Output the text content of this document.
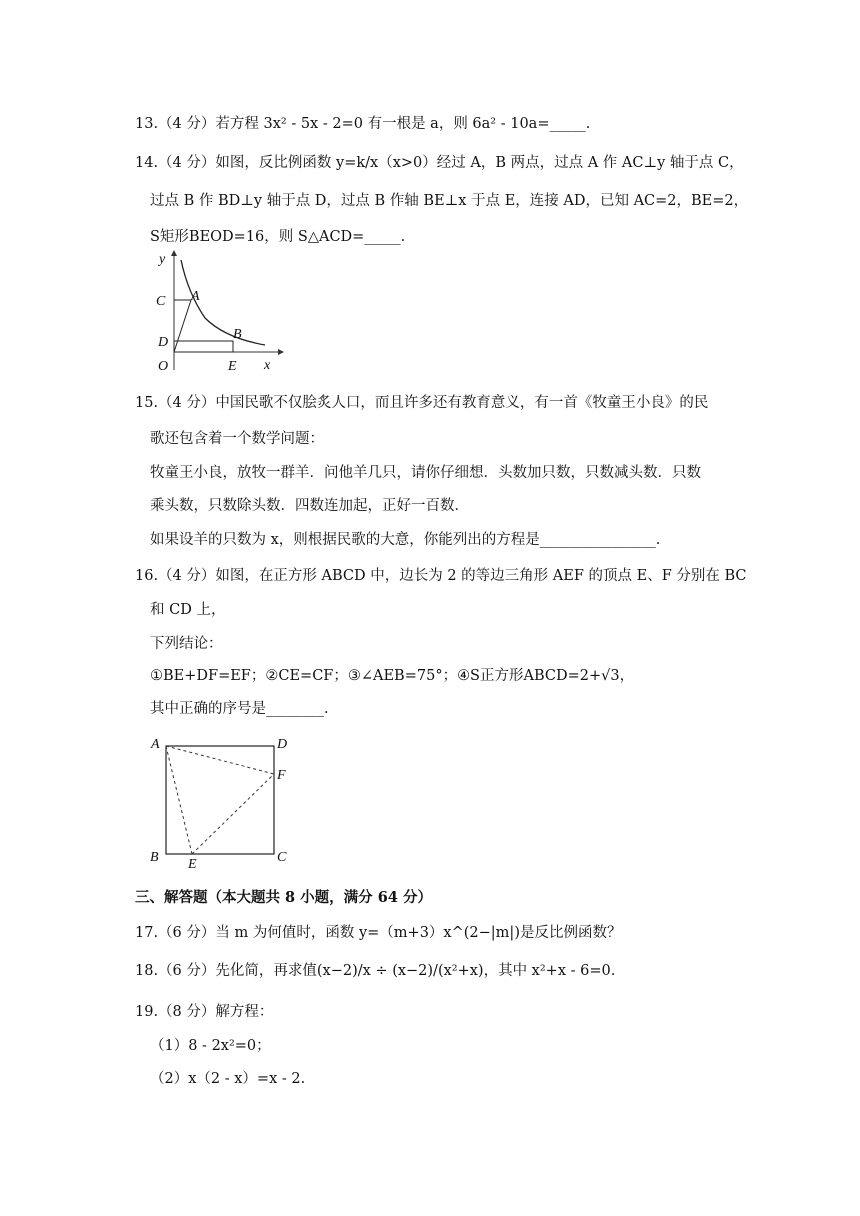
13.（4 分）若方程 3x² - 5x - 2=0 有一根是 a，则 6a² - 10a=_____.
14.（4 分）如图，反比例函数 y=k/x（x>0）经过 A，B 两点，过点 A 作 AC⊥y 轴于点 C，
过点 B 作 BD⊥y 轴于点 D，过点 B 作轴 BE⊥x 于点 E，连接 AD，已知 AC=2，BE=2，
S矩形BEOD=16，则 S△ACD=_____.
y
C A
D
B
O	E x
15.（4 分）中国民歌不仅脍炙人口，而且许多还有教育意义，有一首《牧童王小良》的民
歌还包含着一个数学问题：
牧童王小良，放牧一群羊．问他羊几只，请你仔细想．头数加只数，只数减头数．只数
乘头数，只数除头数．四数连加起，正好一百数．
如果设羊的只数为 x，则根据民歌的大意，你能列出的方程是________________.
16.（4 分）如图，在正方形 ABCD 中，边长为 2 的等边三角形 AEF 的顶点 E、F 分别在 BC
和 CD 上，
下列结论：
①BE+DF=EF；②CE=CF；③∠AEB=75°；④S正方形ABCD=2+√3，
其中正确的序号是________.
A	D
F
B E	C
三、解答题（本大题共 8 小题，满分 64 分）
17.（6 分）当 m 为何值时，函数 y=（m+3）x^(2−|m|)是反比例函数？
18.（6 分）先化简，再求值(x−2)/x ÷ (x−2)/(x²+x)，其中 x²+x - 6=0.
19.（8 分）解方程：
（1）8 - 2x²=0；
（2）x（2 - x）=x - 2.
